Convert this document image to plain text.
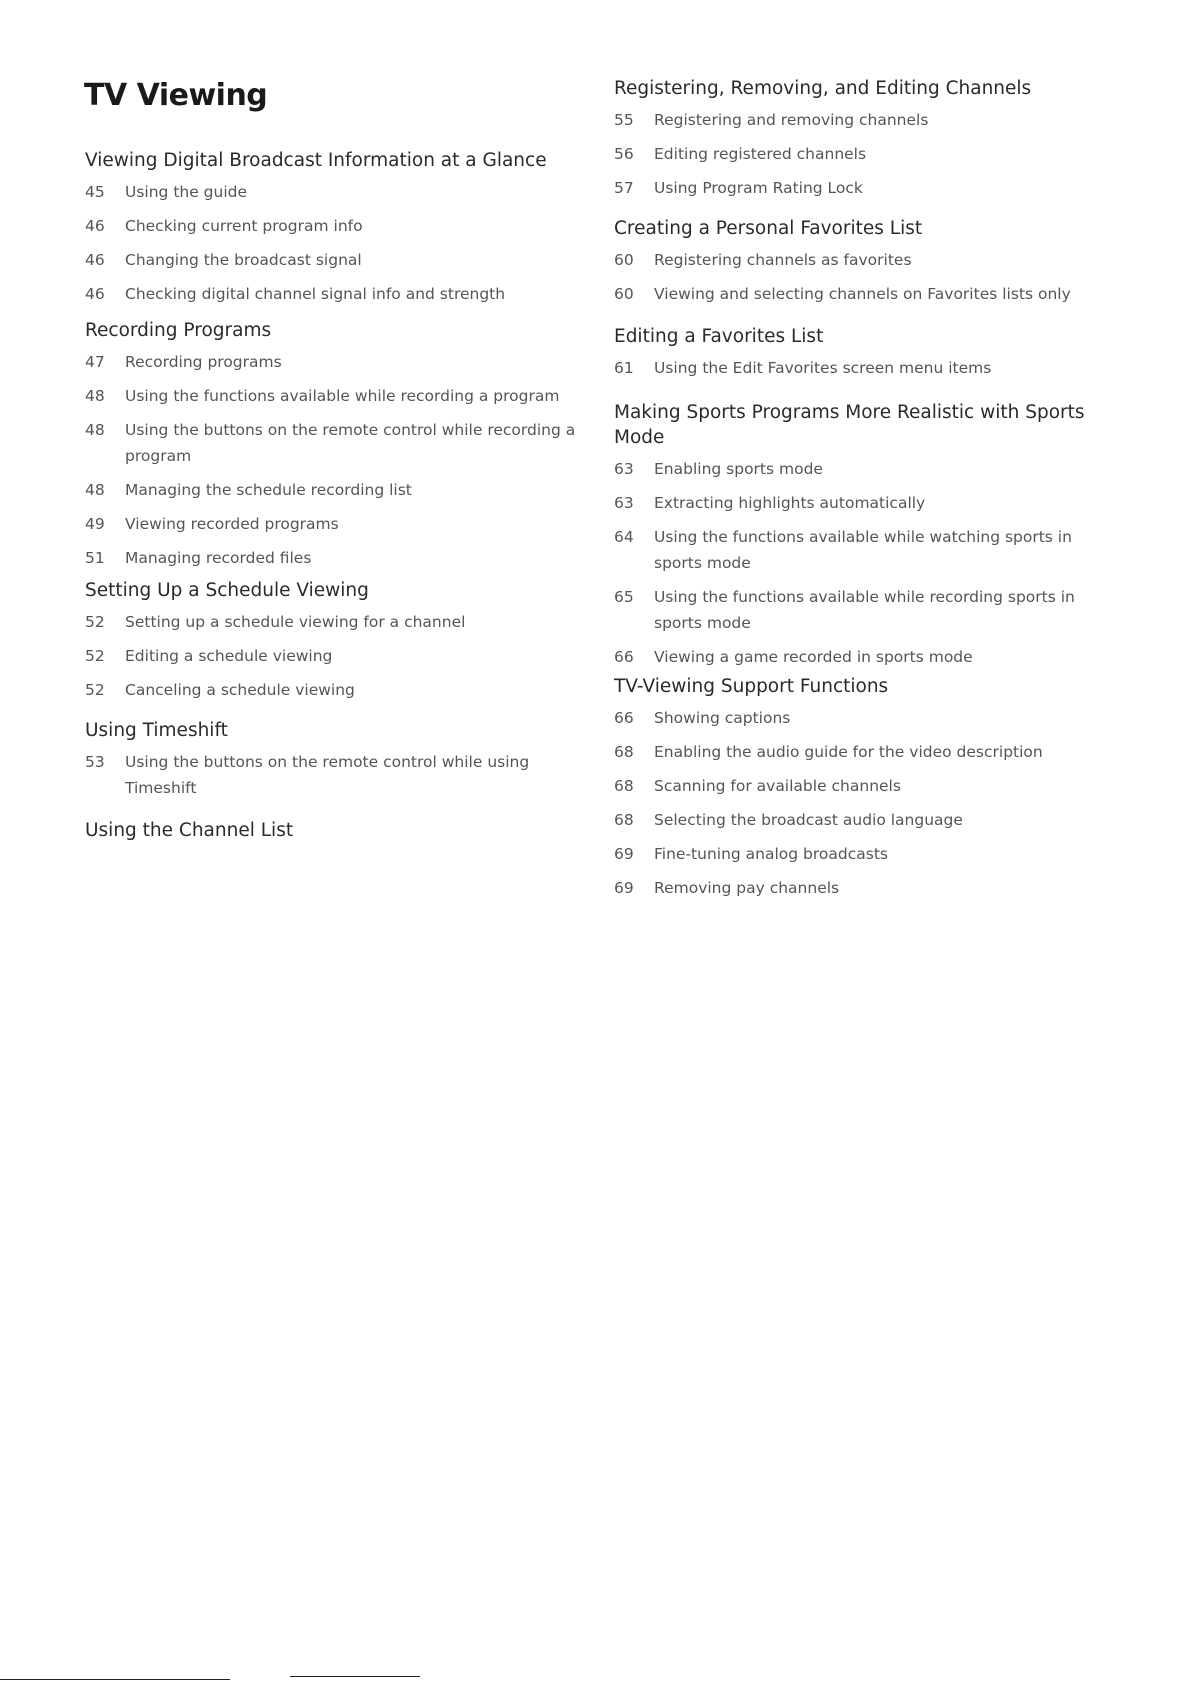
TV Viewing
Viewing Digital Broadcast Information at a Glance
45	Using the guide
46	Checking current program info
46	Changing the broadcast signal
46	Checking digital channel signal info and strength
Recording Programs
47	Recording programs
48	Using the functions available while recording a program
48	Using the buttons on the remote control while recording a program
48	Managing the schedule recording list
49	Viewing recorded programs
51	Managing recorded files
Setting Up a Schedule Viewing
52	Setting up a schedule viewing for a channel
52	Editing a schedule viewing
52	Canceling a schedule viewing
Using Timeshift
53	Using the buttons on the remote control while using Timeshift
Using the Channel List
Registering, Removing, and Editing Channels
55	Registering and removing channels
56	Editing registered channels
57	Using Program Rating Lock
Creating a Personal Favorites List
60	Registering channels as favorites
60	Viewing and selecting channels on Favorites lists only
Editing a Favorites List
61	Using the Edit Favorites screen menu items
Making Sports Programs More Realistic with Sports Mode
63	Enabling sports mode
63	Extracting highlights automatically
64	Using the functions available while watching sports in sports mode
65	Using the functions available while recording sports in sports mode
66	Viewing a game recorded in sports mode
TV-Viewing Support Functions
66	Showing captions
68	Enabling the audio guide for the video description
68	Scanning for available channels
68	Selecting the broadcast audio language
69	Fine-tuning analog broadcasts
69	Removing pay channels
